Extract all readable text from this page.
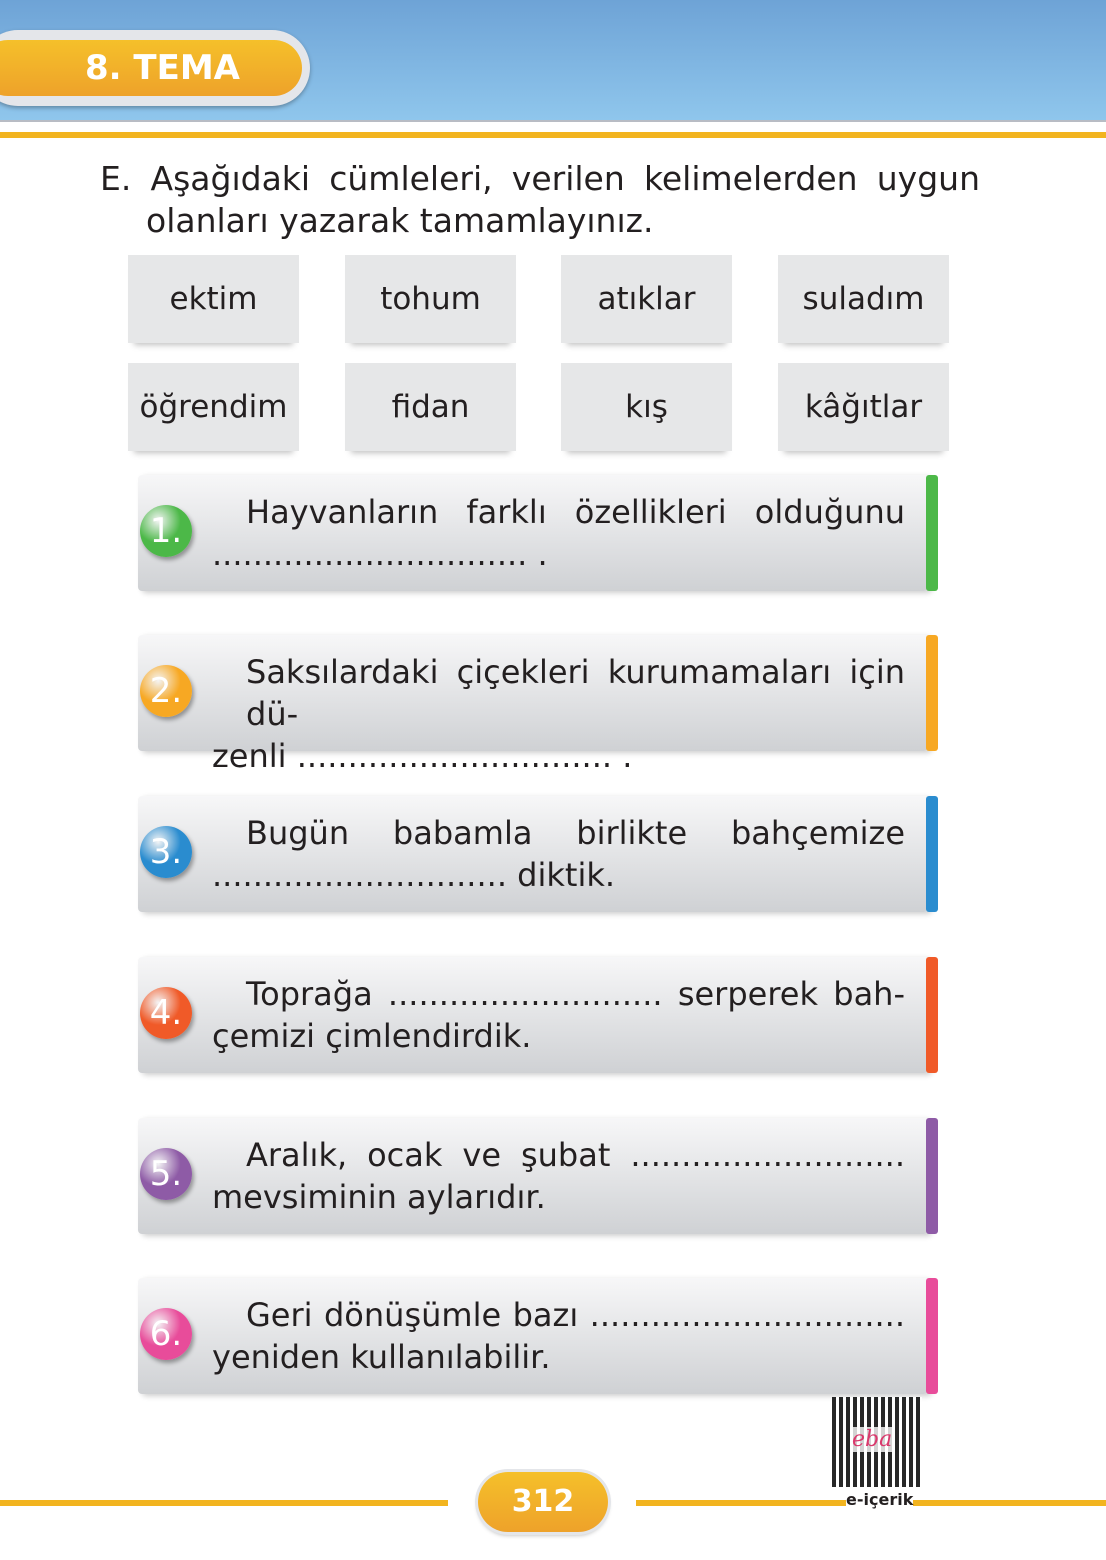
8. TEMA
E. Aşağıdaki cümleleri, verilen kelimelerden uygun
olanları yazarak tamamlayınız.
ektim	tohum	atıklar	suladım
öğrendim	fidan	kış	kâğıtlar
1.	Hayvanların farklı özellikleri olduğunu
............................... .
2.	Saksılardaki çiçekleri kurumamaları için dü-
zenli ............................... .
3.	Bugün babamla birlikte bahçemize
............................. diktik.
4.	Toprağa ........................... serperek bah-
çemizi çimlendirdik.
5.	Aralık, ocak ve şubat ...........................
mevsiminin aylarıdır.
6.	Geri dönüşümle bazı ...............................
yeniden kullanılabilir.
312
eba
e-içerik
